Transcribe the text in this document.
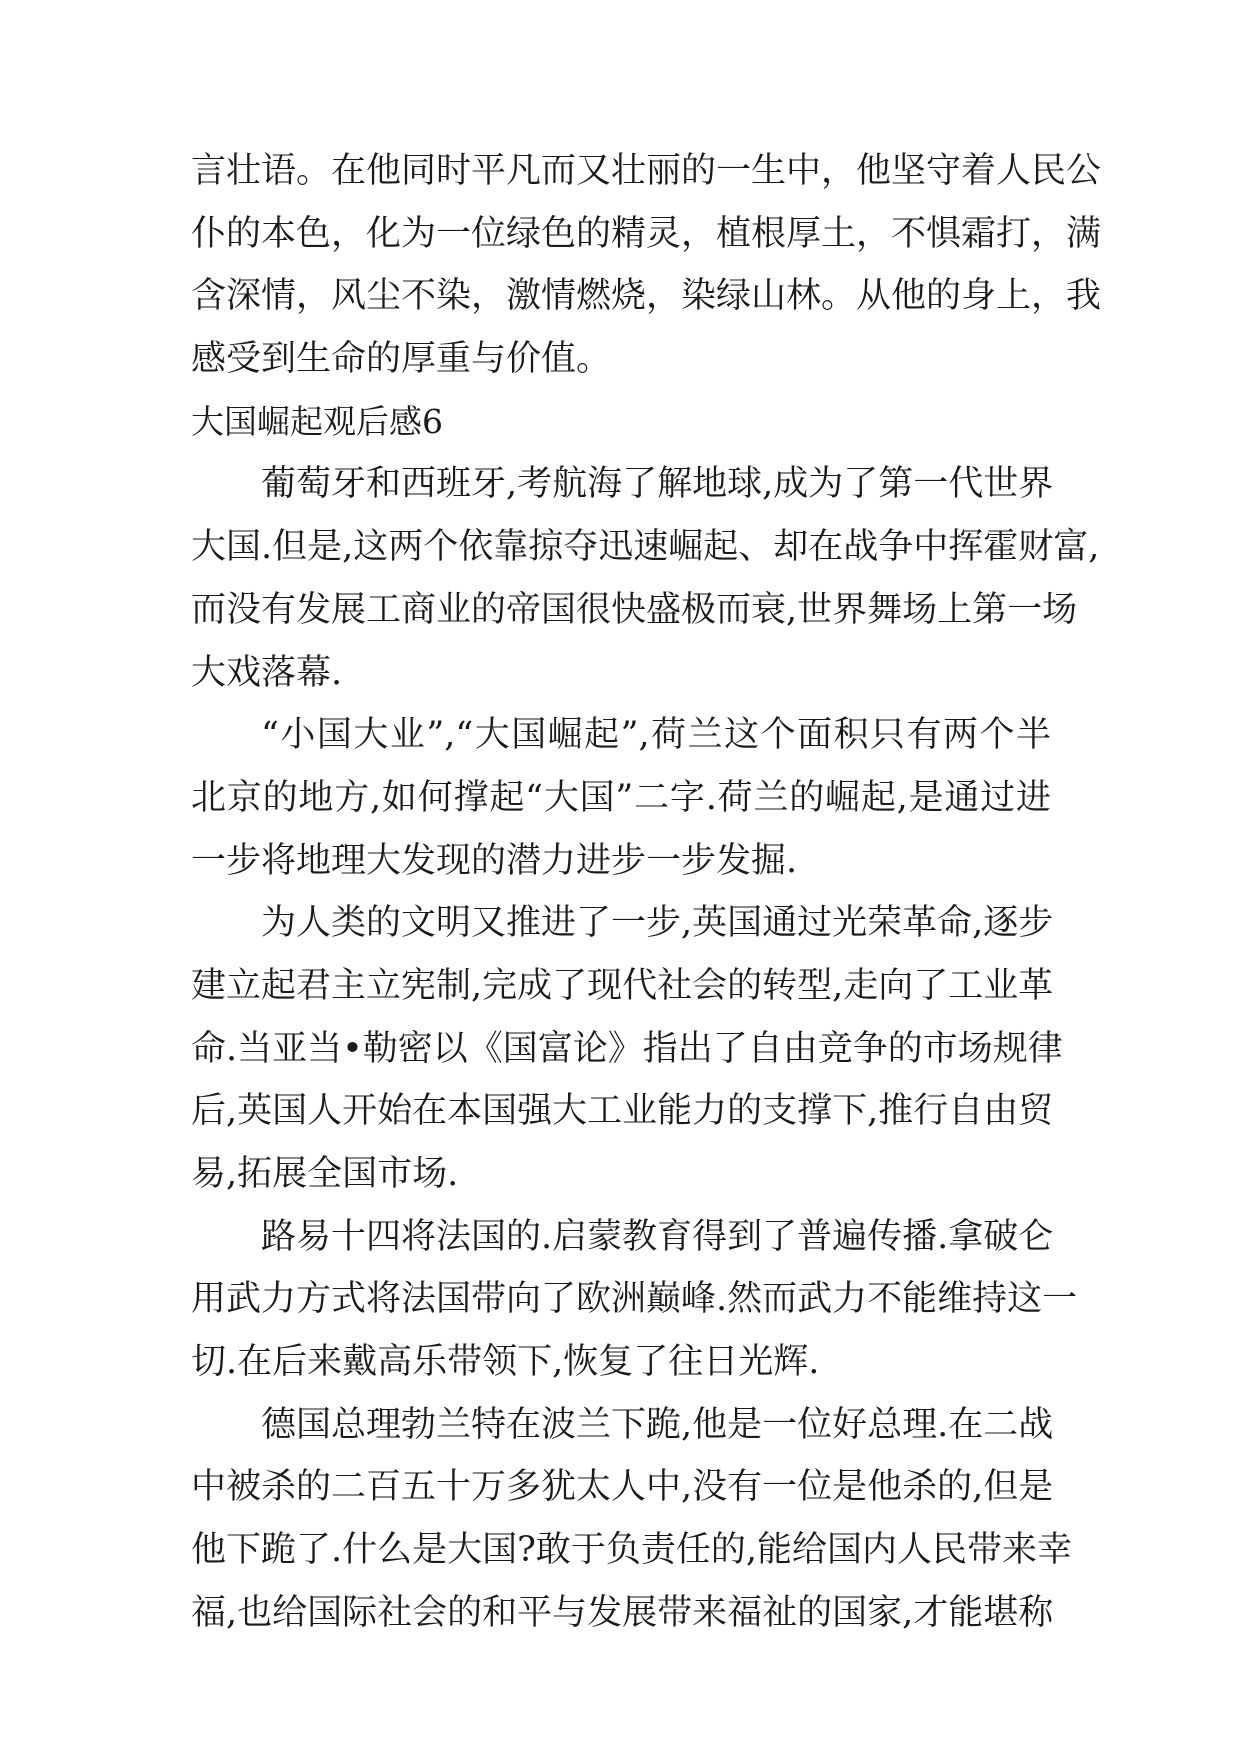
言壮语。在他同时平凡而又壮丽的一生中，他坚守着人民公
仆的本色，化为一位绿色的精灵，植根厚土，不惧霜打，满
含深情，风尘不染，激情燃烧，染绿山林。从他的身上，我
感受到生命的厚重与价值。
大国崛起观后感6
葡萄牙和西班牙,考航海了解地球,成为了第一代世界
大国.但是,这两个依靠掠夺迅速崛起、却在战争中挥霍财富,
而没有发展工商业的帝国很快盛极而衰,世界舞场上第一场
大戏落幕.
“小国大业”,“大国崛起”,荷兰这个面积只有两个半
北京的地方,如何撑起“大国”二字.荷兰的崛起,是通过进
一步将地理大发现的潜力进步一步发掘.
为人类的文明又推进了一步,英国通过光荣革命,逐步
建立起君主立宪制,完成了现代社会的转型,走向了工业革
命.当亚当•勒密以《国富论》指出了自由竞争的市场规律
后,英国人开始在本国强大工业能力的支撑下,推行自由贸
易,拓展全国市场.
路易十四将法国的.启蒙教育得到了普遍传播.拿破仑
用武力方式将法国带向了欧洲巅峰.然而武力不能维持这一
切.在后来戴高乐带领下,恢复了往日光辉.
德国总理勃兰特在波兰下跪,他是一位好总理.在二战
中被杀的二百五十万多犹太人中,没有一位是他杀的,但是
他下跪了.什么是大国?敢于负责任的,能给国内人民带来幸
福,也给国际社会的和平与发展带来福祉的国家,才能堪称
